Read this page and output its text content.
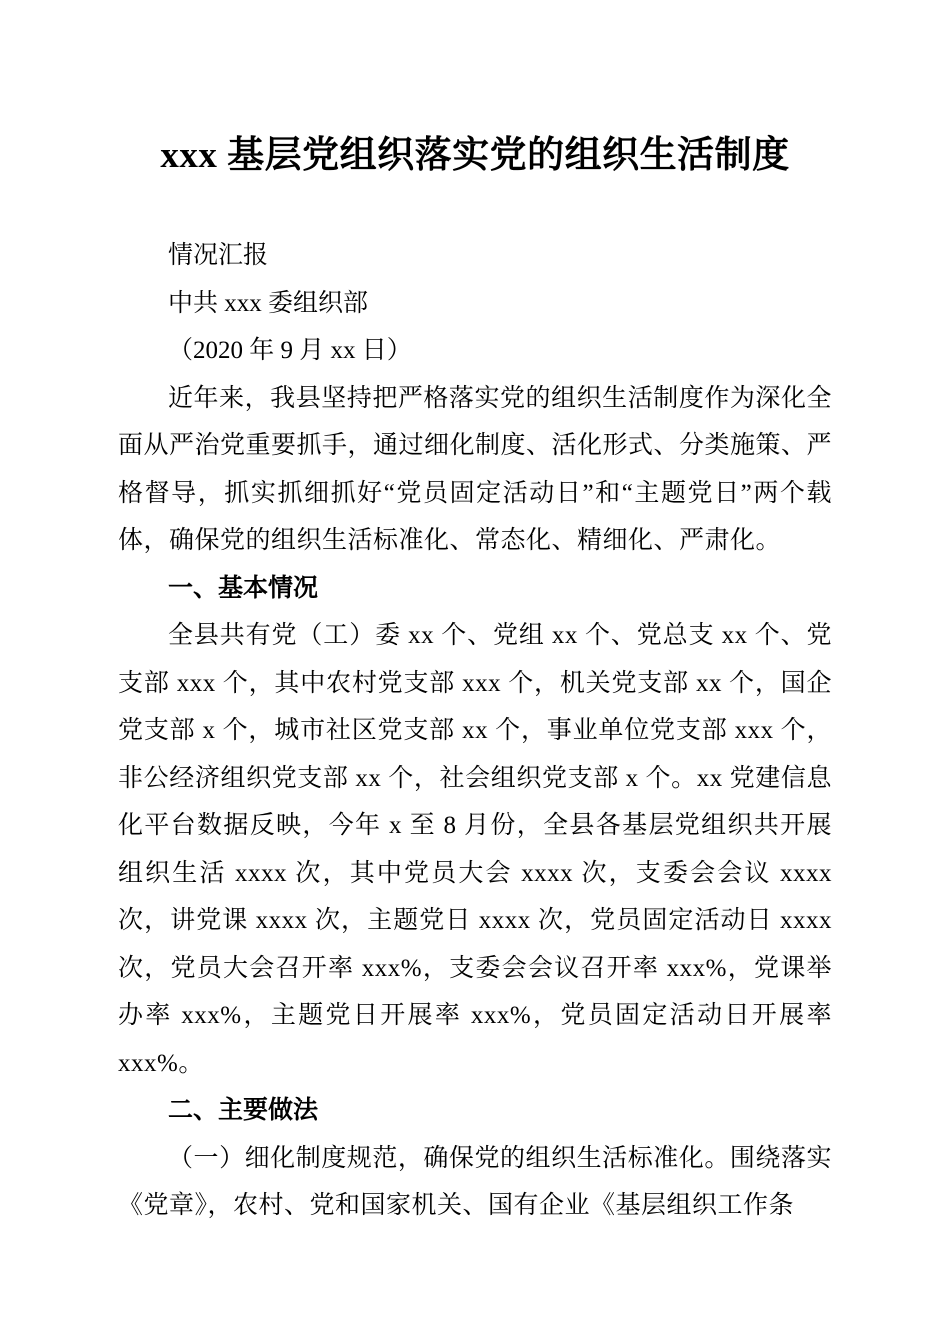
xxx 基层党组织落实党的组织生活制度
情况汇报
中共 xxx 委组织部
（2020 年 9 月 xx 日）

近年来，我县坚持把严格落实党的组织生活制度作为深化全面从严治党重要抓手，通过细化制度、活化形式、分类施策、严格督导，抓实抓细抓好“党员固定活动日”和“主题党日”两个载体，确保党的组织生活标准化、常态化、精细化、严肃化。

一、基本情况

全县共有党（工）委 xx 个、党组 xx 个、党总支 xx 个、党支部 xxx 个，其中农村党支部 xxx 个，机关党支部 xx 个，国企党支部 x 个，城市社区党支部 xx 个，事业单位党支部 xxx 个，非公经济组织党支部 xx 个，社会组织党支部 x 个。xx 党建信息化平台数据反映，今年 x 至 8 月份，全县各基层党组织共开展组织生活 xxxx 次，其中党员大会 xxxx 次，支委会会议 xxxx 次，讲党课 xxxx 次，主题党日 xxxx 次，党员固定活动日 xxxx 次，党员大会召开率 xxx%，支委会会议召开率 xxx%，党课举办率 xxx%，主题党日开展率 xxx%，党员固定活动日开展率 xxx%。

二、主要做法

（一）细化制度规范，确保党的组织生活标准化。围绕落实《党章》，农村、党和国家机关、国有企业《基层组织工作条
